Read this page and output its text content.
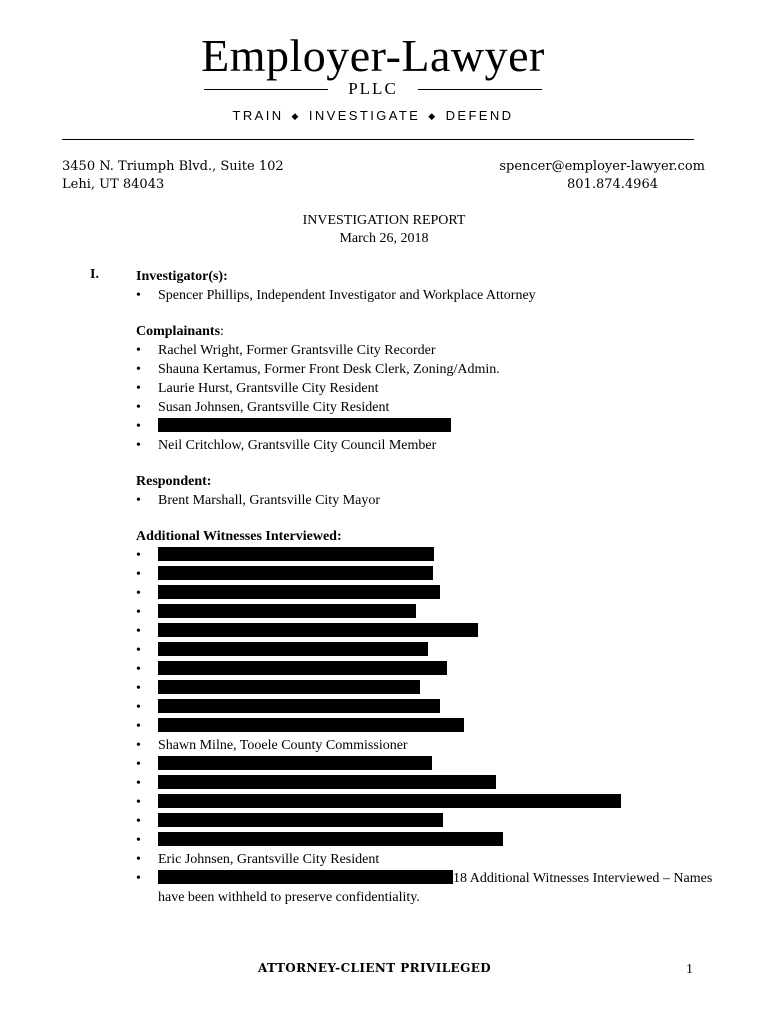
Employer-Lawyer
PLLC
TRAIN ◆ INVESTIGATE ◆ DEFEND
3450 N. Triumph Blvd., Suite 102
Lehi, UT 84043
spencer@employer-lawyer.com
801.874.4964
INVESTIGATION REPORT
March 26, 2018
I.	Investigator(s):
•	Spencer Phillips, Independent Investigator and Workplace Attorney
Complainants:
•	Rachel Wright, Former Grantsville City Recorder
•	Shauna Kertamus, Former Front Desk Clerk, Zoning/Admin.
•	Laurie Hurst, Grantsville City Resident
•	Susan Johnsen, Grantsville City Resident
•
•	Neil Critchlow, Grantsville City Council Member
Respondent:
•	Brent Marshall, Grantsville City Mayor
Additional Witnesses Interviewed:
•
•
•
•
•
•
•
•
•
•
•	Shawn Milne, Tooele County Commissioner
•
•
•
•
•
•	Eric Johnsen, Grantsville City Resident
•	18 Additional Witnesses Interviewed – Names have been withheld to preserve confidentiality.
ATTORNEY-CLIENT PRIVILEGED	1
